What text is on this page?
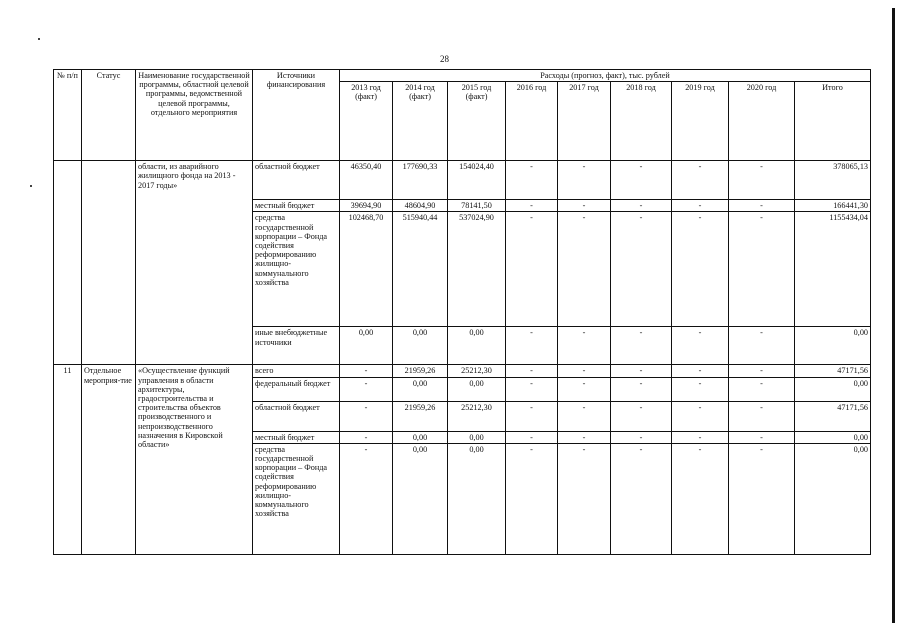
28
№ п/п	Статус	Наименование государственной программы, областной целевой программы, ведомственной целевой программы, отдельного мероприятия	Источники финансирования	Расходы (прогноз, факт), тыс. рублей								
				2013 год (факт)	2014 год (факт)	2015 год (факт)	2016 год	2017 год	2018 год	2019 год	2020 год	Итого
		области, из аварийного жилищного фонда на 2013 - 2017 годы»	областной бюджет	46350,40	177690,33	154024,40	-	-	-	-	-	378065,13
			местный бюджет	39694,90	48604,90	78141,50	-	-	-	-	-	166441,30
			средства государственной корпорации – Фонда содействия реформированию жилищно-коммунального хозяйства	102468,70	515940,44	537024,90	-	-	-	-	-	1155434,04
			иные внебюджетные источники	0,00	0,00	0,00	-	-	-	-	-	0,00
11	Отдельное мероприя-тие	«Осуществление функций управления в области архитектуры, градостроительства и строительства объектов производственного и непроизводственного назначения в Кировской области»	всего	-	21959,26	25212,30	-	-	-	-	-	47171,56
			федеральный бюджет	-	0,00	0,00	-	-	-	-	-	0,00
			областной бюджет	-	21959,26	25212,30	-	-	-	-	-	47171,56
			местный бюджет	-	0,00	0,00	-	-	-	-	-	0,00
			средства государственной корпорации – Фонда содействия реформированию жилищно-коммунального хозяйства	-	0,00	0,00	-	-	-	-	-	0,00
